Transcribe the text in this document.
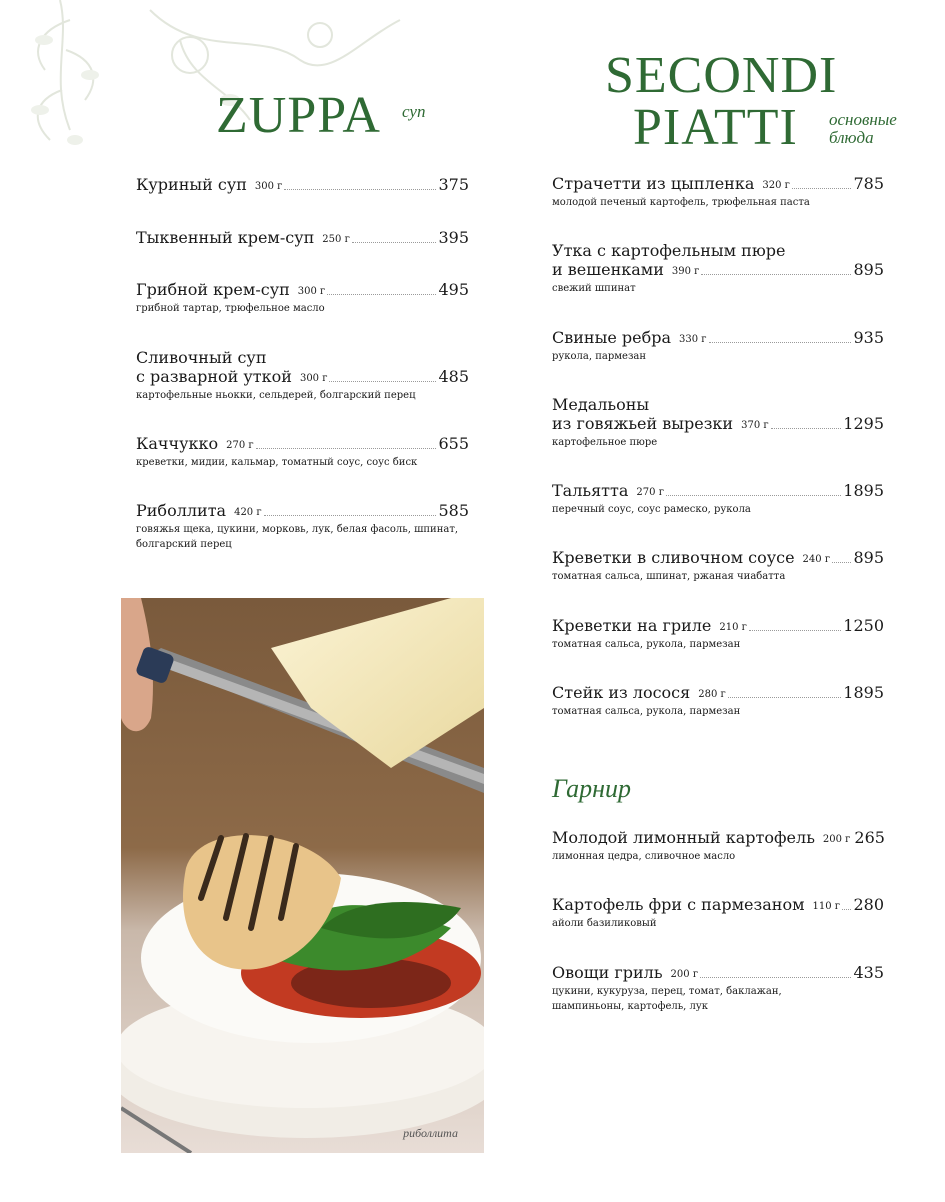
ZUPPA суп
SECONDI
PIATTI основные
блюда
Куриный суп 300 г	375
Тыквенный крем-суп 250 г	395
Грибной крем-суп 300 г	495
грибной тартар, трюфельное масло
Сливочный суп
с разварной уткой 300 г	485
картофельные ньокки, сельдерей, болгарский перец
Каччукко 270 г	655
креветки, мидии, кальмар, томатный соус, соус биск
Риболлита 420 г	585
говяжья щека, цукини, морковь, лук, белая фасоль, шпинат,
болгарский перец
риболлита
Страчетти из цыпленка 320 г	785
молодой печеный картофель, трюфельная паста
Утка с картофельным пюре
и вешенками 390 г	895
свежий шпинат
Свиные ребра 330 г	935
рукола, пармезан
Медальоны
из говяжьей вырезки 370 г	1295
картофельное пюре
Тальятта 270 г	1895
перечный соус, соус рамеско, рукола
Креветки в сливочном соусе 240 г 895
томатная сальса, шпинат, ржаная чиабатта
Креветки на гриле 210 г	1250
томатная сальса, рукола, пармезан
Стейк из лосося 280 г	1895
томатная сальса, рукола, пармезан
Гарнир
Молодой лимонный картофель 200 г 265
лимонная цедра, сливочное масло
Картофель фри с пармезаном 110 г 280
айоли базиликовый
Овощи гриль 200 г	435
цукини, кукуруза, перец, томат, баклажан,
шампиньоны, картофель, лук
